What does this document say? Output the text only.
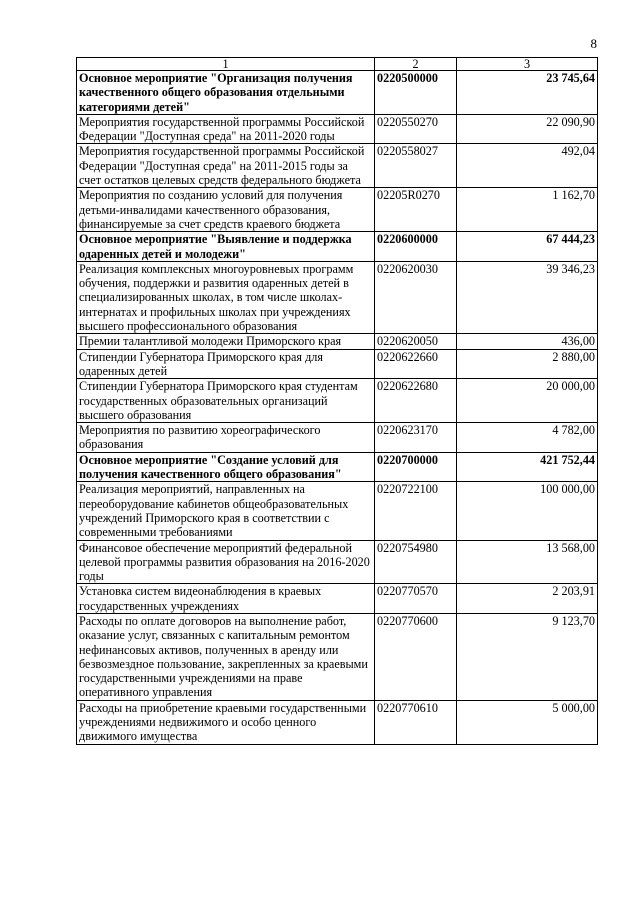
8
1	2	3
Основное мероприятие "Организация получения качественного общего образования отдельными категориями детей"	0220500000	23 745,64
Мероприятия государственной программы Российской Федерации "Доступная среда" на 2011-2020 годы	0220550270	22 090,90
Мероприятия государственной программы Российской Федерации "Доступная среда" на 2011-2015 годы за счет остатков целевых средств федерального бюджета	0220558027	492,04
Мероприятия по созданию условий для получения детьми-инвалидами качественного образования, финансируемые за счет средств краевого бюджета	02205R0270	1 162,70
Основное мероприятие "Выявление и поддержка одаренных детей и молодежи"	0220600000	67 444,23
Реализация комплексных многоуровневых программ обучения, поддержки и развития одаренных детей в специализированных школах, в том числе школах-интернатах и профильных школах при учреждениях высшего профессионального образования	0220620030	39 346,23
Премии талантливой молодежи Приморского края	0220620050	436,00
Стипендии Губернатора Приморского края для одаренных детей	0220622660	2 880,00
Стипендии Губернатора Приморского края студентам государственных образовательных организаций высшего образования	0220622680	20 000,00
Мероприятия по развитию хореографического образования	0220623170	4 782,00
Основное мероприятие "Создание условий для получения качественного общего образования"	0220700000	421 752,44
Реализация мероприятий, направленных на переоборудование кабинетов общеобразовательных учреждений Приморского края в соответствии с современными требованиями	0220722100	100 000,00
Финансовое обеспечение мероприятий федеральной целевой программы развития образования на 2016-2020 годы	0220754980	13 568,00
Установка систем видеонаблюдения в краевых государственных учреждениях	0220770570	2 203,91
Расходы по оплате договоров на выполнение работ, оказание услуг, связанных с капитальным ремонтом нефинансовых активов, полученных в аренду или безвозмездное пользование, закрепленных за краевыми государственными учреждениями на праве оперативного управления	0220770600	9 123,70
Расходы на приобретение краевыми государственными учреждениями недвижимого и особо ценного движимого имущества	0220770610	5 000,00
